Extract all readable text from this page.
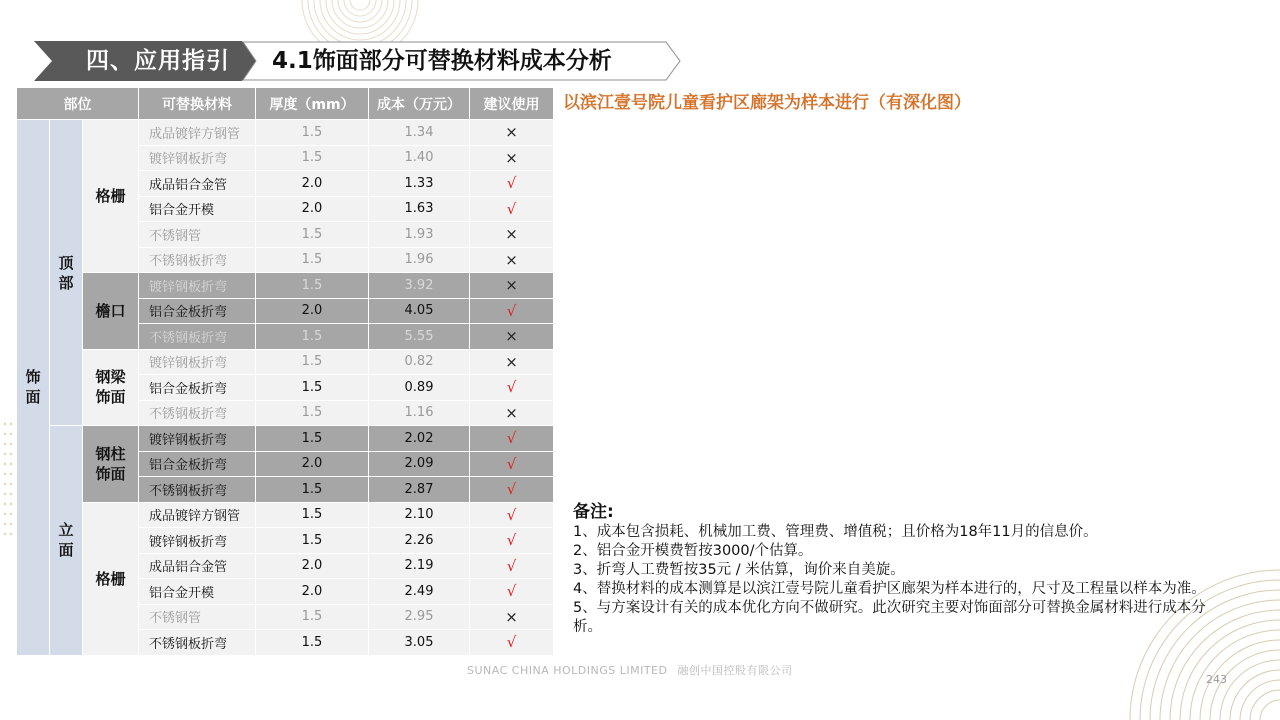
四、应用指引	4.1饰面部分可替换材料成本分析
以滨江壹号院儿童看护区廊架为样本进行（有深化图）
部位			可替换材料	厚度（mm）	成本（万元）	建议使用
饰面	顶部	格栅	成品镀锌方钢管	1.5	1.34	×
			镀锌钢板折弯	1.5	1.40	×
			成品铝合金管	2.0	1.33	√
			铝合金开模	2.0	1.63	√
			不锈钢管	1.5	1.93	×
			不锈钢板折弯	1.5	1.96	×
		檐口	镀锌钢板折弯	1.5	3.92	×
			铝合金板折弯	2.0	4.05	√
			不锈钢板折弯	1.5	5.55	×
		钢梁饰面	镀锌钢板折弯	1.5	0.82	×
			铝合金板折弯	1.5	0.89	√
			不锈钢板折弯	1.5	1.16	×
	立面	钢柱饰面	镀锌钢板折弯	1.5	2.02	√
			铝合金板折弯	2.0	2.09	√
			不锈钢板折弯	1.5	2.87	√
		格栅	成品镀锌方钢管	1.5	2.10	√
			镀锌钢板折弯	1.5	2.26	√
			成品铝合金管	2.0	2.19	√
			铝合金开模	2.0	2.49	√
			不锈钢管	1.5	2.95	×
			不锈钢板折弯	1.5	3.05	√
备注:
1、成本包含损耗、机械加工费、管理费、增值税；且价格为18年11月的信息价。
2、铝合金开模费暂按3000/个估算。
3、折弯人工费暂按35元 / 米估算，询价来自美旋。
4、替换材料的成本测算是以滨江壹号院儿童看护区廊架为样本进行的，尺寸及工程量以样本为准。
5、与方案设计有关的成本优化方向不做研究。此次研究主要对饰面部分可替换金属材料进行成本分析。
SUNAC CHINA HOLDINGS LIMITED 融创中国控股有限公司
243
